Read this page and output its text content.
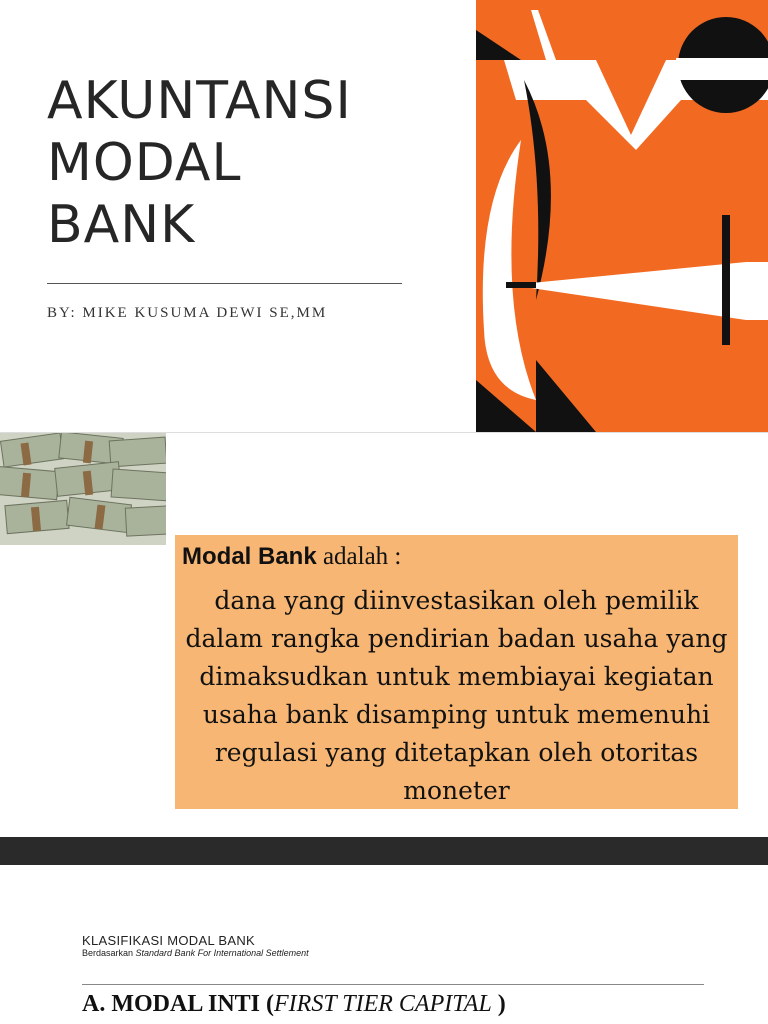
AKUNTANSI
MODAL
BANK
BY: MIKE KUSUMA DEWI SE,MM
Modal Bank adalah :
dana yang diinvestasikan oleh pemilik dalam rangka pendirian badan usaha yang dimaksudkan untuk membiayai kegiatan usaha bank disamping untuk memenuhi regulasi yang ditetapkan oleh otoritas moneter
KLASIFIKASI MODAL BANK
Berdasarkan Standard Bank For International Settlement
A. MODAL INTI (FIRST TIER CAPITAL )
